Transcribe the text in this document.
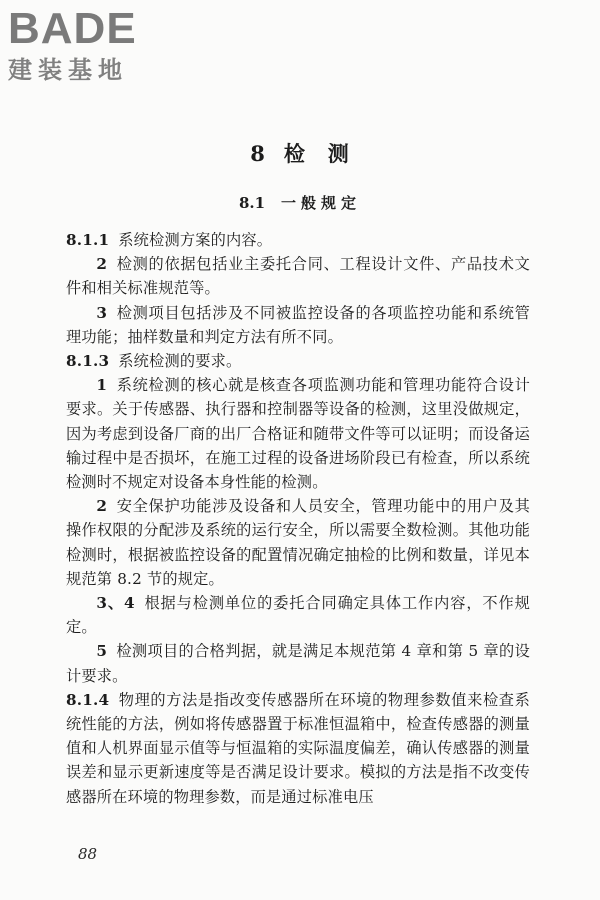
BADE
建装基地
8 检　测
8.1 一般规定

8.1.1 系统检测方案的内容。

2 检测的依据包括业主委托合同、工程设计文件、产品技术文件和相关标准规范等。

3 检测项目包括涉及不同被监控设备的各项监控功能和系统管理功能；抽样数量和判定方法有所不同。

8.1.3 系统检测的要求。

1 系统检测的核心就是核查各项监测功能和管理功能符合设计要求。关于传感器、执行器和控制器等设备的检测，这里没做规定，因为考虑到设备厂商的出厂合格证和随带文件等可以证明；而设备运输过程中是否损坏，在施工过程的设备进场阶段已有检查，所以系统检测时不规定对设备本身性能的检测。

2 安全保护功能涉及设备和人员安全，管理功能中的用户及其操作权限的分配涉及系统的运行安全，所以需要全数检测。其他功能检测时，根据被监控设备的配置情况确定抽检的比例和数量，详见本规范第 8.2 节的规定。

3、4 根据与检测单位的委托合同确定具体工作内容，不作规定。

5 检测项目的合格判据，就是满足本规范第 4 章和第 5 章的设计要求。

8.1.4 物理的方法是指改变传感器所在环境的物理参数值来检查系统性能的方法，例如将传感器置于标准恒温箱中，检查传感器的测量值和人机界面显示值等与恒温箱的实际温度偏差，确认传感器的测量误差和显示更新速度等是否满足设计要求。模拟的方法是指不改变传感器所在环境的物理参数，而是通过标准电压

88
